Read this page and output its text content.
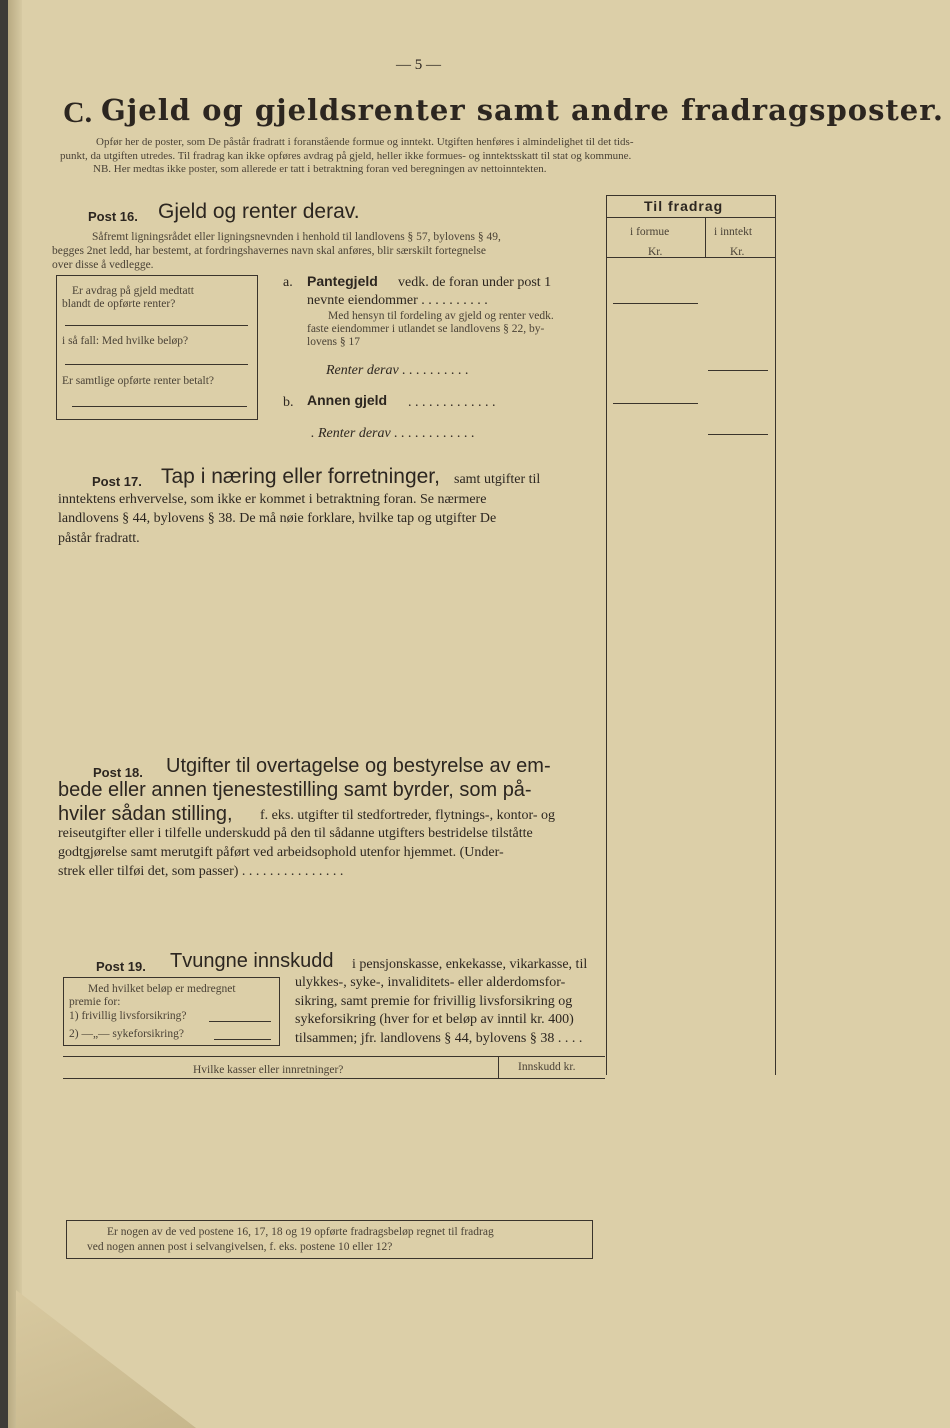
— 5 —
C. Gjeld og gjeldsrenter samt andre fradragsposter.
Opfør her de poster, som De påstår fradratt i foranstående formue og inntekt. Utgiften henføres i almindelighet til det tids-
punkt, da utgiften utredes. Til fradrag kan ikke opføres avdrag på gjeld, heller ikke formues- og inntektsskatt til stat og kommune.
NB. Her medtas ikke poster, som allerede er tatt i betraktning foran ved beregningen av nettoinntekten.
Til fradrag
i formue	i inntekt
Kr.	Kr.
Post 16. Gjeld og renter derav.
Såfremt ligningsrådet eller ligningsnevnden i henhold til landlovens § 57, bylovens § 49,
begges 2net ledd, har bestemt, at fordringshavernes navn skal anføres, blir særskilt fortegnelse
over disse å vedlegge.
Er avdrag på gjeld medtatt
blandt de opførte renter?
i så fall: Med hvilke beløp?
Er samtlige opførte renter betalt?
a. Pantegjeld vedk. de foran under post 1
nevnte eiendommer . . . . . . . . . .
Med hensyn til fordeling av gjeld og renter vedk.
faste eiendommer i utlandet se landlovens § 22, by-
lovens § 17
Renter derav . . . . . . . . . .
b. Annen gjeld . . . . . . . . . . . . .
. Renter derav . . . . . . . . . . . .
Post 17. Tap i næring eller forretninger, samt utgifter til
inntektens erhvervelse, som ikke er kommet i betraktning foran. Se nærmere
landlovens § 44, bylovens § 38. De må nøie forklare, hvilke tap og utgifter De
påstår fradratt.
Post 18. Utgifter til overtagelse og bestyrelse av em-
bede eller annen tjenestestilling samt byrder, som på-
hviler sådan stilling, f. eks. utgifter til stedfortreder, flytnings-, kontor- og
reiseutgifter eller i tilfelle underskudd på den til sådanne utgifters bestridelse tilståtte
godtgjørelse samt merutgift påført ved arbeidsophold utenfor hjemmet. (Under-
strek eller tilføi det, som passer) . . . . . . . . . . . . . . .
Post 19. Tvungne innskudd i pensjonskasse, enkekasse, vikarkasse, til
ulykkes-, syke-, invaliditets- eller alderdomsfor-
sikring, samt premie for frivillig livsforsikring og
sykeforsikring (hver for et beløp av inntil kr. 400)
tilsammen; jfr. landlovens § 44, bylovens § 38 . . . .
Med hvilket beløp er medregnet
premie for:
1) frivillig livsforsikring?
2) —„— sykeforsikring?
Hvilke kasser eller innretninger?	Innskudd kr.
Er nogen av de ved postene 16, 17, 18 og 19 opførte fradragsbeløp regnet til fradrag
ved nogen annen post i selvangivelsen, f. eks. postene 10 eller 12?
